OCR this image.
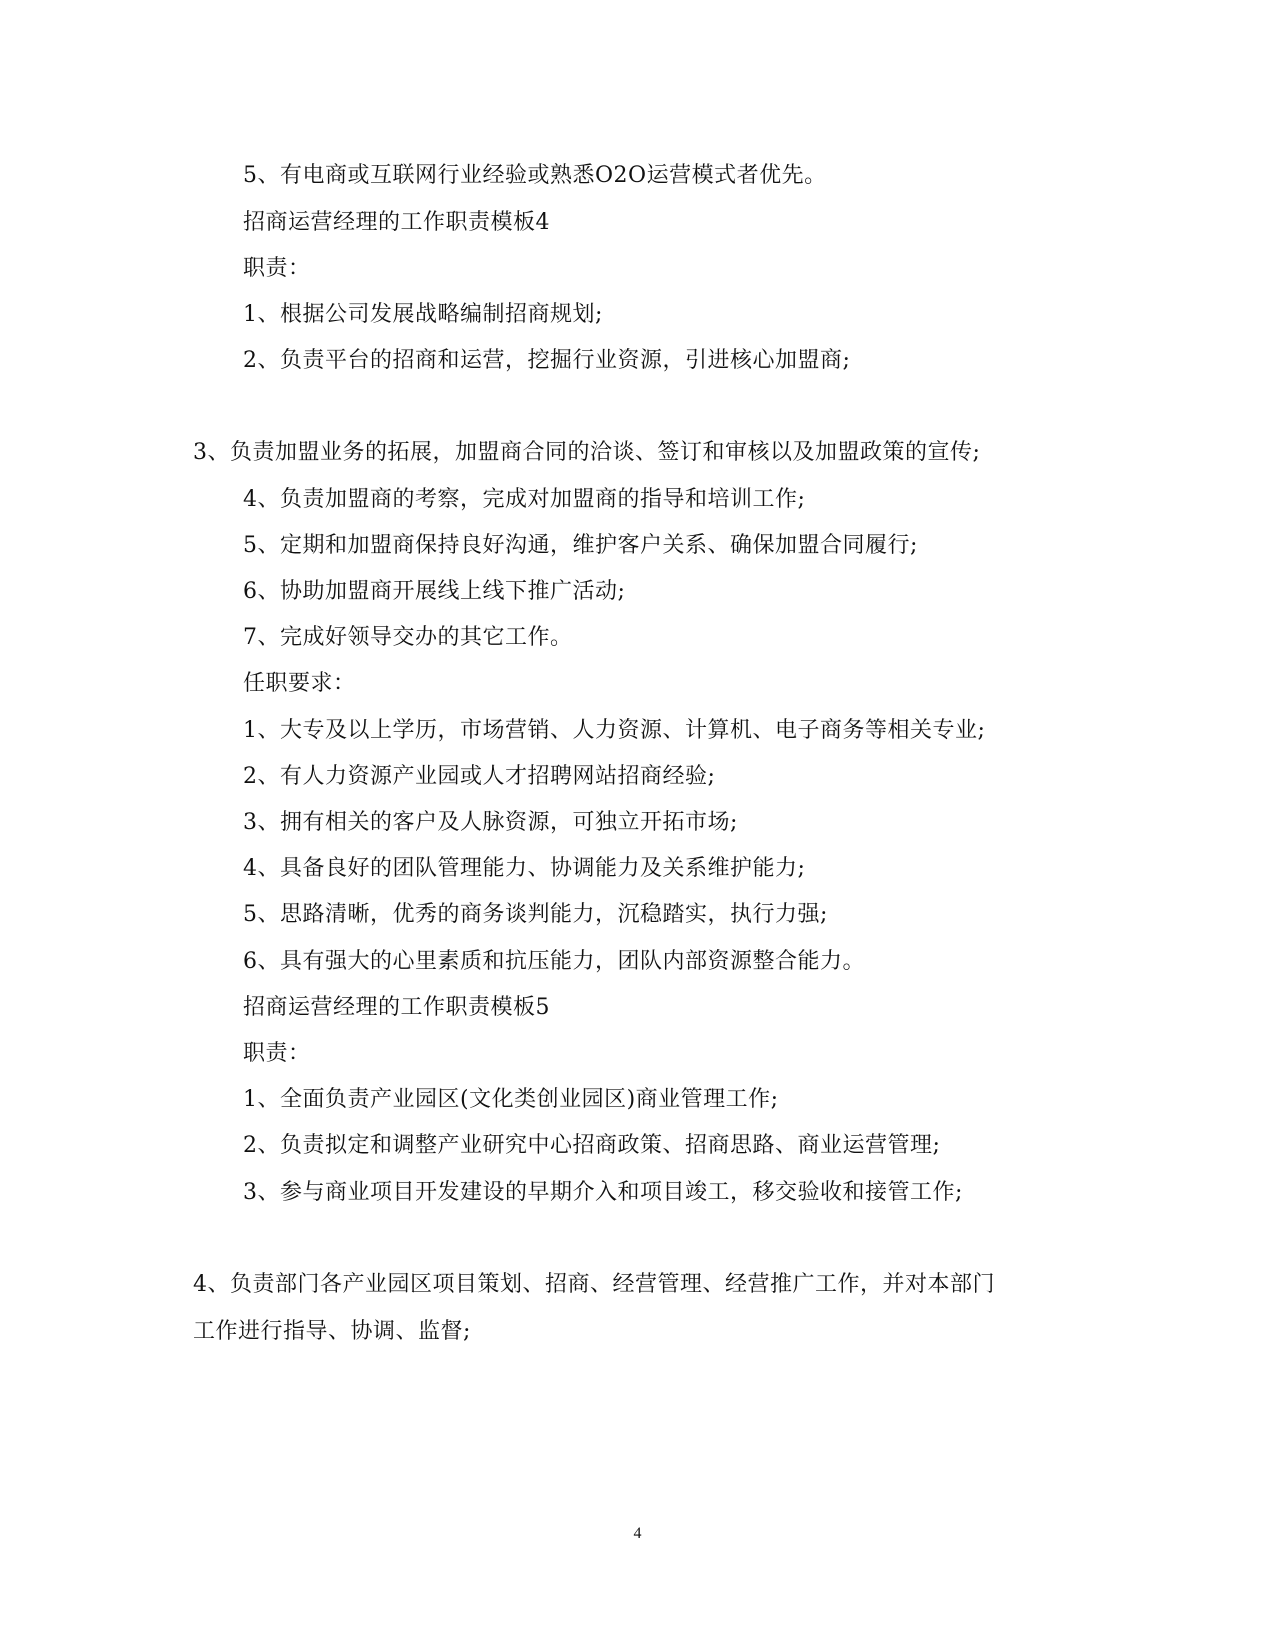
5、有电商或互联网行业经验或熟悉O2O运营模式者优先。
招商运营经理的工作职责模板4
职责：
1、根据公司发展战略编制招商规划;
2、负责平台的招商和运营，挖掘行业资源，引进核心加盟商;
3、负责加盟业务的拓展，加盟商合同的洽谈、签订和审核以及加盟政策的宣传;
4、负责加盟商的考察，完成对加盟商的指导和培训工作;
5、定期和加盟商保持良好沟通，维护客户关系、确保加盟合同履行;
6、协助加盟商开展线上线下推广活动;
7、完成好领导交办的其它工作。
任职要求：
1、大专及以上学历，市场营销、人力资源、计算机、电子商务等相关专业;
2、有人力资源产业园或人才招聘网站招商经验;
3、拥有相关的客户及人脉资源，可独立开拓市场;
4、具备良好的团队管理能力、协调能力及关系维护能力;
5、思路清晰，优秀的商务谈判能力，沉稳踏实，执行力强;
6、具有强大的心里素质和抗压能力，团队内部资源整合能力。
招商运营经理的工作职责模板5
职责：
1、全面负责产业园区(文化类创业园区)商业管理工作;
2、负责拟定和调整产业研究中心招商政策、招商思路、商业运营管理;
3、参与商业项目开发建设的早期介入和项目竣工，移交验收和接管工作;
4、负责部门各产业园区项目策划、招商、经营管理、经营推广工作，并对本部门
工作进行指导、协调、监督;
4
